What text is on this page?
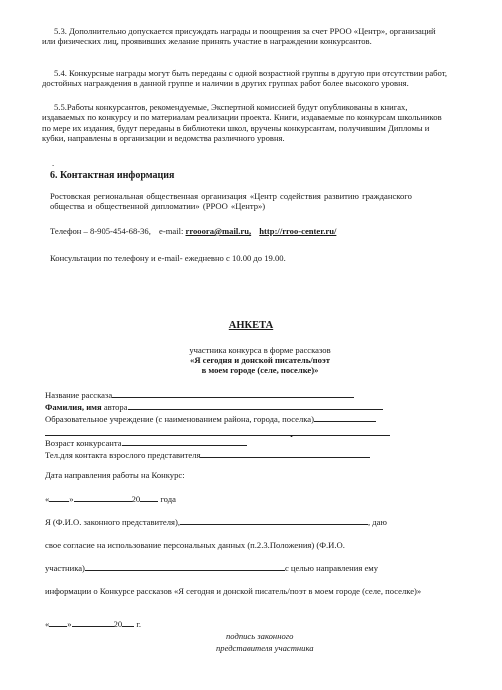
5.3. Дополнительно допускается присуждать награды и поощрения за счет РРОО «Центр», организаций или физических лиц, проявивших желание принять участие в награждении конкурсантов.
5.4. Конкурсные награды могут быть переданы с одной возрастной группы в другую при отсутствии работ, достойных награждения в данной группе и наличии в других группах работ более высокого уровня.
5.5.Работы конкурсантов, рекомендуемые, Экспертной комиссией будут опубликованы в книгах, издаваемых по конкурсу и по материалам реализации проекта. Книги, издаваемые по конкурсам школьников по мере их издания, будут переданы в библиотеки школ, вручены конкурсантам, получившим Дипломы и кубки, направлены в организации и ведомства различного уровня.
.
6. Контактная информация
Ростовская региональная общественная организация «Центр содействия развитию гражданского общества и общественной дипломатии» (РРОО «Центр»)
Телефон – 8-905-454-68-36, e-mail: rrooora@mail.ru, http://rroo-center.ru/
Консультации по телефону и e-mail- ежедневно с 10.00 до 19.00.
АНКЕТА
участника конкурса в форме рассказов
«Я сегодня и донской писатель/поэт
в моем городе (селе, поселке)»
Название рассказа
Фамилия, имя автора
Образовательное учреждение (с наименованием района, города, поселка)
•
Возраст конкурсанта
Тел.для контакта взрослого представителя
Дата направления работы на Конкурс:
« »	20 года
Я (Ф.И.О. законного представителя),	, даю
свое согласие на использование персональных данных (п.2.3.Положения) (Ф.И.О.
участника)	с целью направления ему
информации о Конкурсе рассказов «Я сегодня и донской писатель/поэт в моем городе (селе, поселке)»
« »	20 г.
подпись законного
представителя участника
